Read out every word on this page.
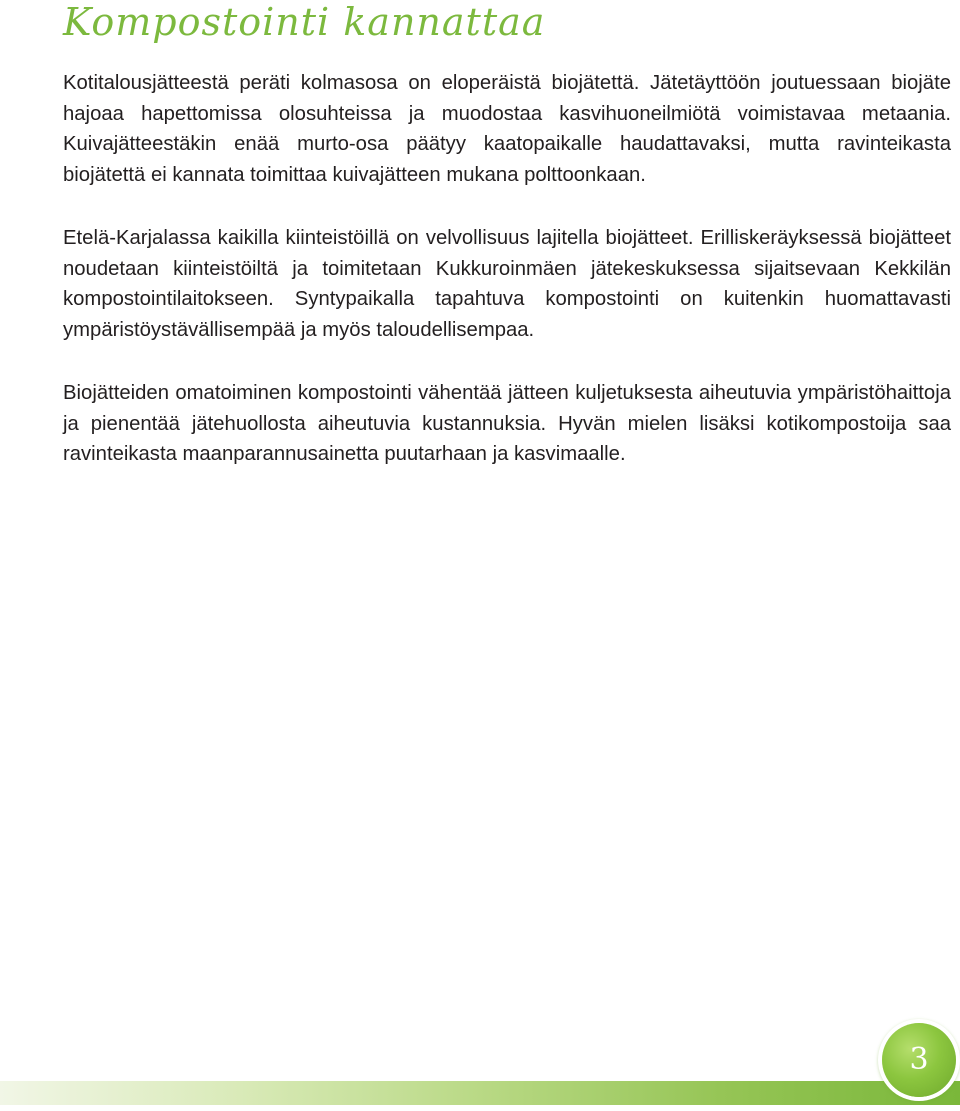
Kompostointi kannattaa

Kotitalousjätteestä peräti kolmasosa on eloperäistä biojätettä. Jätetäyttöön joutuessaan biojäte hajoaa hapettomissa olosuhteissa ja muodostaa kasvihuoneilmiötä voimistavaa metaania. Kuivajätteestäkin enää murto-osa päätyy kaatopaikalle haudattavaksi, mutta ravinteikasta biojätettä ei kannata toimittaa kuivajätteen mukana polttoonkaan.

Etelä-Karjalassa kaikilla kiinteistöillä on velvollisuus lajitella biojätteet. Erilliskeräyksessä biojätteet noudetaan kiinteistöiltä ja toimitetaan Kukkuroinmäen jätekeskuksessa sijaitsevaan Kekkilän kompostointilaitokseen. Syntypaikalla tapahtuva kompostointi on kuitenkin huomattavasti ympäristöystävällisempää ja myös taloudellisempaa.

Biojätteiden omatoiminen kompostointi vähentää jätteen kuljetuksesta aiheutuvia ympäristöhaittoja ja pienentää jätehuollosta aiheutuvia kustannuksia. Hyvän mielen lisäksi kotikompostoija saa ravinteikasta maanparannusainetta puutarhaan ja kasvimaalle.

3
